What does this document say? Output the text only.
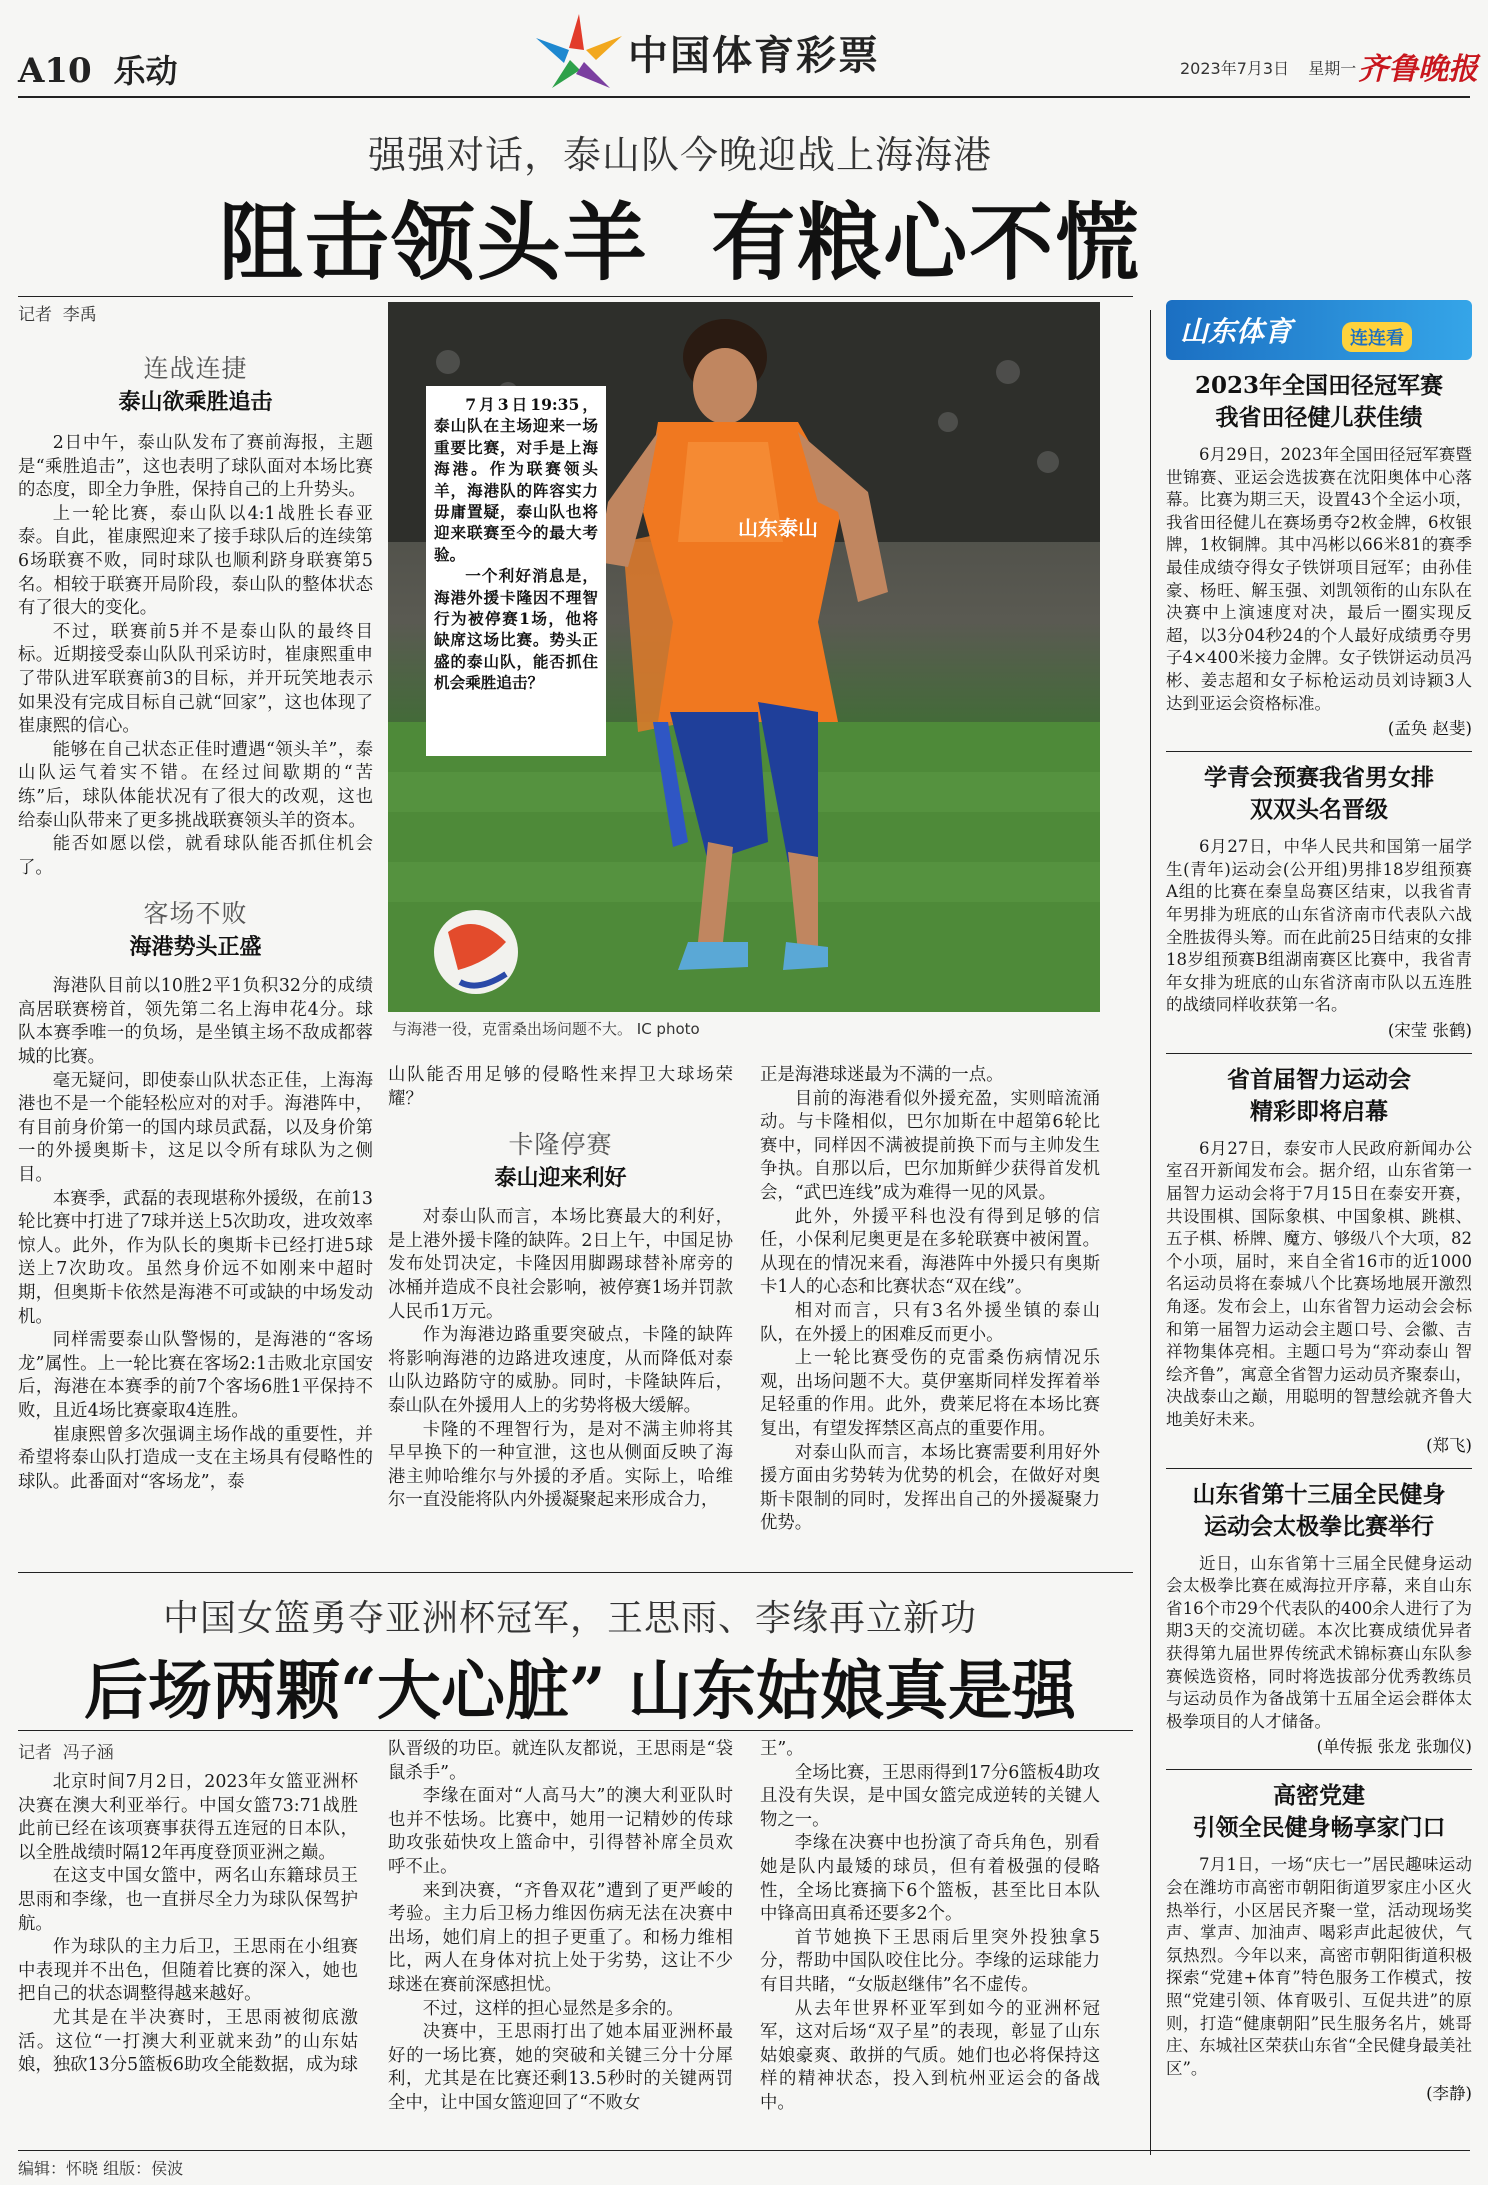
A10 乐动	中国体育彩票	2023年7月3日 星期一 齐鲁晚报
强强对话，泰山队今晚迎战上海海港
阻击领头羊  有粮心不慌
记者  李禹
连战连捷
泰山欲乘胜追击

2日中午，泰山队发布了赛前海报，主题是“乘胜追击”，这也表明了球队面对本场比赛的态度，即全力争胜，保持自己的上升势头。

上一轮比赛，泰山队以4:1战胜长春亚泰。自此，崔康熙迎来了接手球队后的连续第6场联赛不败，同时球队也顺利跻身联赛第5名。相较于联赛开局阶段，泰山队的整体状态有了很大的变化。

不过，联赛前5并不是泰山队的最终目标。近期接受泰山队队刊采访时，崔康熙重申了带队进军联赛前3的目标，并开玩笑地表示如果没有完成目标自己就“回家”，这也体现了崔康熙的信心。

能够在自己状态正佳时遭遇“领头羊”，泰山队运气着实不错。在经过间歇期的“苦练”后，球队体能状况有了很大的改观，这也给泰山队带来了更多挑战联赛领头羊的资本。

能否如愿以偿，就看球队能否抓住机会了。

客场不败
海港势头正盛

海港队目前以10胜2平1负积32分的成绩高居联赛榜首，领先第二名上海申花4分。球队本赛季唯一的负场，是坐镇主场不敌成都蓉城的比赛。

毫无疑问，即使泰山队状态正佳，上海海港也不是一个能轻松应对的对手。海港阵中，有目前身价第一的国内球员武磊，以及身价第一的外援奥斯卡，这足以令所有球队为之侧目。

本赛季，武磊的表现堪称外援级，在前13轮比赛中打进了7球并送上5次助攻，进攻效率惊人。此外，作为队长的奥斯卡已经打进5球送上7次助攻。虽然身价远不如刚来中超时期，但奥斯卡依然是海港不可或缺的中场发动机。

同样需要泰山队警惕的，是海港的“客场龙”属性。上一轮比赛在客场2:1击败北京国安后，海港在本赛季的前7个客场6胜1平保持不败，且近4场比赛豪取4连胜。

崔康熙曾多次强调主场作战的重要性，并希望将泰山队打造成一支在主场具有侵略性的球队。此番面对“客场龙”，泰

山东泰山

7月3日19:35，泰山队在主场迎来一场重要比赛，对手是上海海港。作为联赛领头羊，海港队的阵容实力毋庸置疑，泰山队也将迎来联赛至今的最大考验。

一个利好消息是，海港外援卡隆因不理智行为被停赛1场，他将缺席这场比赛。势头正盛的泰山队，能否抓住机会乘胜追击？

与海港一役，克雷桑出场问题不大。 IC photo

山队能否用足够的侵略性来捍卫大球场荣耀？

卡隆停赛
泰山迎来利好

对泰山队而言，本场比赛最大的利好，是上港外援卡隆的缺阵。2日上午，中国足协发布处罚决定，卡隆因用脚踢球替补席旁的冰桶并造成不良社会影响，被停赛1场并罚款人民币1万元。

作为海港边路重要突破点，卡隆的缺阵将影响海港的边路进攻速度，从而降低对泰山队边路防守的威胁。同时，卡隆缺阵后，泰山队在外援用人上的劣势将极大缓解。

卡隆的不理智行为，是对不满主帅将其早早换下的一种宣泄，这也从侧面反映了海港主帅哈维尔与外援的矛盾。实际上，哈维尔一直没能将队内外援凝聚起来形成合力，

正是海港球迷最为不满的一点。

目前的海港看似外援充盈，实则暗流涌动。与卡隆相似，巴尔加斯在中超第6轮比赛中，同样因不满被提前换下而与主帅发生争执。自那以后，巴尔加斯鲜少获得首发机会，“武巴连线”成为难得一见的风景。

此外，外援平科也没有得到足够的信任，小保利尼奥更是在多轮联赛中被闲置。从现在的情况来看，海港阵中外援只有奥斯卡1人的心态和比赛状态“双在线”。

相对而言，只有3名外援坐镇的泰山队，在外援上的困难反而更小。

上一轮比赛受伤的克雷桑伤病情况乐观，出场问题不大。莫伊塞斯同样发挥着举足轻重的作用。此外，费莱尼将在本场比赛复出，有望发挥禁区高点的重要作用。

对泰山队而言，本场比赛需要利用好外援方面由劣势转为优势的机会，在做好对奥斯卡限制的同时，发挥出自己的外援凝聚力优势。

中国女篮勇夺亚洲杯冠军，王思雨、李缘再立新功
后场两颗“大心脏” 山东姑娘真是强
记者  冯子涵

北京时间7月2日，2023年女篮亚洲杯决赛在澳大利亚举行。中国女篮73:71战胜此前已经在该项赛事获得五连冠的日本队，以全胜战绩时隔12年再度登顶亚洲之巅。

在这支中国女篮中，两名山东籍球员王思雨和李缘，也一直拼尽全力为球队保驾护航。

作为球队的主力后卫，王思雨在小组赛中表现并不出色，但随着比赛的深入，她也把自己的状态调整得越来越好。

尤其是在半决赛时，王思雨被彻底激活。这位“一打澳大利亚就来劲”的山东姑娘，独砍13分5篮板6助攻全能数据，成为球

队晋级的功臣。就连队友都说，王思雨是“袋鼠杀手”。

李缘在面对“人高马大”的澳大利亚队时也并不怯场。比赛中，她用一记精妙的传球助攻张茹快攻上篮命中，引得替补席全员欢呼不止。

来到决赛，“齐鲁双花”遭到了更严峻的考验。主力后卫杨力维因伤病无法在决赛中出场，她们肩上的担子更重了。和杨力维相比，两人在身体对抗上处于劣势，这让不少球迷在赛前深感担忧。

不过，这样的担心显然是多余的。

决赛中，王思雨打出了她本届亚洲杯最好的一场比赛，她的突破和关键三分十分犀利，尤其是在比赛还剩13.5秒时的关键两罚全中，让中国女篮迎回了“不败女

王”。

全场比赛，王思雨得到17分6篮板4助攻且没有失误，是中国女篮完成逆转的关键人物之一。

李缘在决赛中也扮演了奇兵角色，别看她是队内最矮的球员，但有着极强的侵略性，全场比赛摘下6个篮板，甚至比日本队中锋高田真希还要多2个。

首节她换下王思雨后里突外投独拿5分，帮助中国队咬住比分。李缘的运球能力有目共睹，“女版赵继伟”名不虚传。

从去年世界杯亚军到如今的亚洲杯冠军，这对后场“双子星”的表现，彰显了山东姑娘豪爽、敢拼的气质。她们也必将保持这样的精神状态，投入到杭州亚运会的备战中。

山东体育	连连看
2023年全国田径冠军赛
我省田径健儿获佳绩

6月29日，2023年全国田径冠军赛暨世锦赛、亚运会选拔赛在沈阳奥体中心落幕。比赛为期三天，设置43个全运小项，我省田径健儿在赛场勇夺2枚金牌，6枚银牌，1枚铜牌。其中冯彬以66米81的赛季最佳成绩夺得女子铁饼项目冠军；由孙佳豪、杨旺、解玉强、刘凯领衔的山东队在决赛中上演速度对决，最后一圈实现反超，以3分04秒24的个人最好成绩勇夺男子4×400米接力金牌。女子铁饼运动员冯彬、姜志超和女子标枪运动员刘诗颖3人达到亚运会资格标准。

(孟奂 赵斐)
学青会预赛我省男女排
双双头名晋级

6月27日，中华人民共和国第一届学生(青年)运动会(公开组)男排18岁组预赛A组的比赛在秦皇岛赛区结束，以我省青年男排为班底的山东省济南市代表队六战全胜拔得头筹。而在此前25日结束的女排18岁组预赛B组湖南赛区比赛中，我省青年女排为班底的山东省济南市队以五连胜的战绩同样收获第一名。

(宋莹 张鹤)
省首届智力运动会
精彩即将启幕

6月27日，泰安市人民政府新闻办公室召开新闻发布会。据介绍，山东省第一届智力运动会将于7月15日在泰安开赛，共设围棋、国际象棋、中国象棋、跳棋、五子棋、桥牌、魔方、够级八个大项，82个小项，届时，来自全省16市的近1000名运动员将在泰城八个比赛场地展开激烈角逐。发布会上，山东省智力运动会会标和第一届智力运动会主题口号、会徽、吉祥物集体亮相。主题口号为“弈动泰山 智绘齐鲁”，寓意全省智力运动员齐聚泰山，决战泰山之巅，用聪明的智慧绘就齐鲁大地美好未来。

(郑飞)
山东省第十三届全民健身
运动会太极拳比赛举行

近日，山东省第十三届全民健身运动会太极拳比赛在威海拉开序幕，来自山东省16个市29个代表队的400余人进行了为期3天的交流切磋。本次比赛成绩优异者获得第九届世界传统武术锦标赛山东队参赛候选资格，同时将选拔部分优秀教练员与运动员作为备战第十五届全运会群体太极拳项目的人才储备。

(单传振 张龙 张珈仪)
高密党建
引领全民健身畅享家门口

7月1日，一场“庆七一”居民趣味运动会在潍坊市高密市朝阳街道罗家庄小区火热举行，小区居民齐聚一堂，活动现场奖声、掌声、加油声、喝彩声此起彼伏，气氛热烈。今年以来，高密市朝阳街道积极探索“党建+体育”特色服务工作模式，按照“党建引领、体育吸引、互促共进”的原则，打造“健康朝阳”民生服务名片，姚哥庄、东城社区荣获山东省“全民健身最美社区”。

(李静)
编辑：怀晓 组版：侯波
